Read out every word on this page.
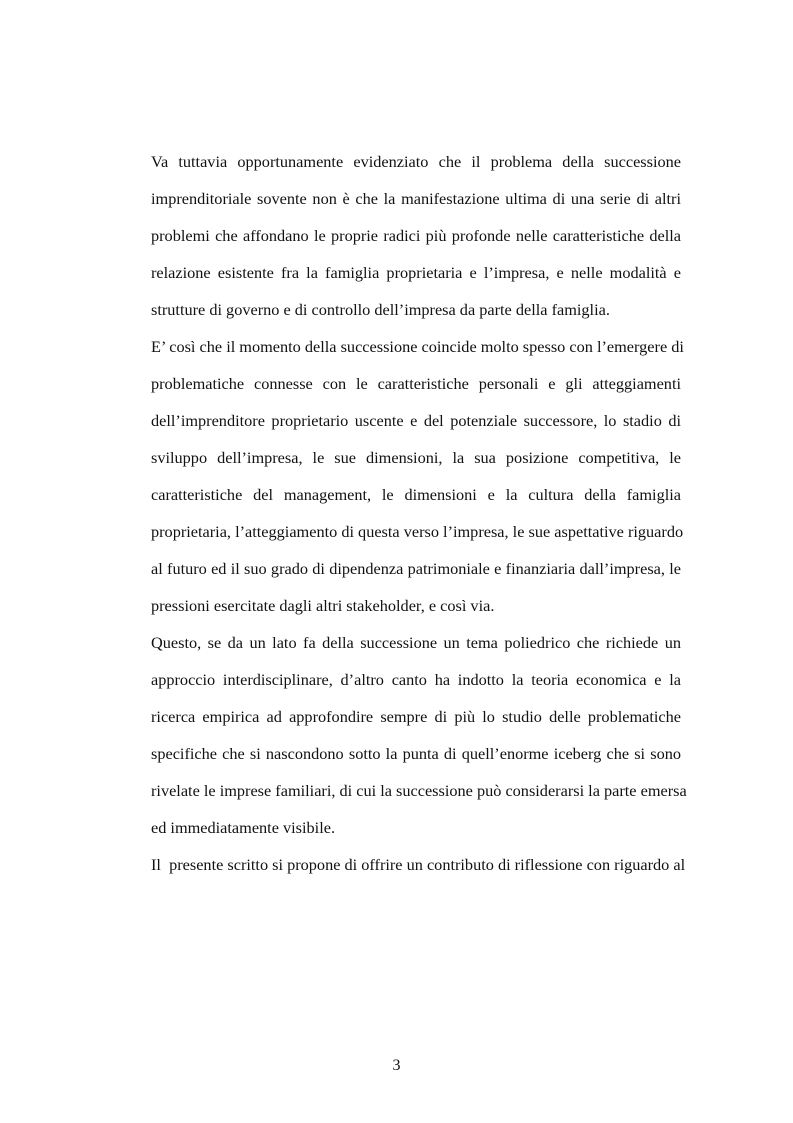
Va tuttavia opportunamente evidenziato che il problema della successione
imprenditoriale sovente non è che la manifestazione ultima di una serie di altri
problemi che affondano le proprie radici più profonde nelle caratteristiche della
relazione esistente fra la famiglia proprietaria e l’impresa, e nelle modalità e
strutture di governo e di controllo dell’impresa da parte della famiglia.
E’ così che il momento della successione coincide molto spesso con l’emergere di
problematiche connesse con le caratteristiche personali e gli atteggiamenti
dell’imprenditore proprietario uscente e del potenziale successore, lo stadio di
sviluppo dell’impresa, le sue dimensioni, la sua posizione competitiva, le
caratteristiche del management, le dimensioni e la cultura della famiglia
proprietaria, l’atteggiamento di questa verso l’impresa, le sue aspettative riguardo
al futuro ed il suo grado di dipendenza patrimoniale e finanziaria dall’impresa, le
pressioni esercitate dagli altri stakeholder, e così via.
Questo, se da un lato fa della successione un tema poliedrico che richiede un
approccio interdisciplinare, d’altro canto ha indotto la teoria economica e la
ricerca empirica ad approfondire sempre di più lo studio delle problematiche
specifiche che si nascondono sotto la punta di quell’enorme iceberg che si sono
rivelate le imprese familiari, di cui la successione può considerarsi la parte emersa
ed immediatamente visibile.
Il  presente scritto si propone di offrire un contributo di riflessione con riguardo al
3
